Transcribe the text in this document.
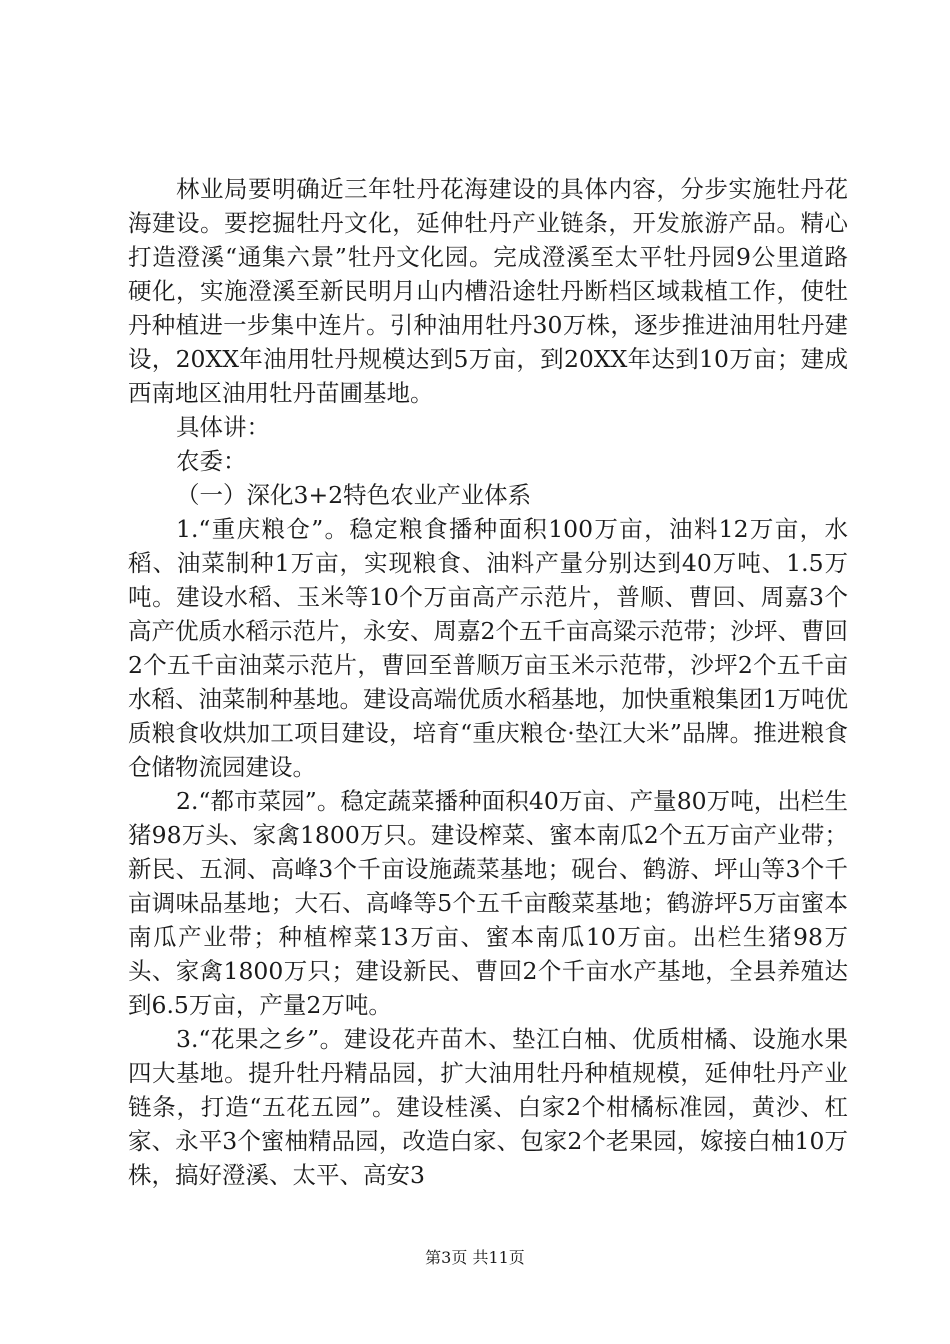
林业局要明确近三年牡丹花海建设的具体内容，分步实施牡丹花海建设。要挖掘牡丹文化，延伸牡丹产业链条，开发旅游产品。精心打造澄溪“通集六景”牡丹文化园。完成澄溪至太平牡丹园9公里道路硬化，实施澄溪至新民明月山内槽沿途牡丹断档区域栽植工作，使牡丹种植进一步集中连片。引种油用牡丹30万株，逐步推进油用牡丹建设，20XX年油用牡丹规模达到5万亩，到20XX年达到10万亩；建成西南地区油用牡丹苗圃基地。

具体讲：

农委：

（一）深化3+2特色农业产业体系

1.“重庆粮仓”。稳定粮食播种面积100万亩，油料12万亩，水稻、油菜制种1万亩，实现粮食、油料产量分别达到40万吨、1.5万吨。建设水稻、玉米等10个万亩高产示范片，普顺、曹回、周嘉3个高产优质水稻示范片，永安、周嘉2个五千亩高粱示范带；沙坪、曹回2个五千亩油菜示范片，曹回至普顺万亩玉米示范带，沙坪2个五千亩水稻、油菜制种基地。建设高端优质水稻基地，加快重粮集团1万吨优质粮食收烘加工项目建设，培育“重庆粮仓·垫江大米”品牌。推进粮食仓储物流园建设。

2.“都市菜园”。稳定蔬菜播种面积40万亩、产量80万吨，出栏生猪98万头、家禽1800万只。建设榨菜、蜜本南瓜2个五万亩产业带；新民、五洞、高峰3个千亩设施蔬菜基地；砚台、鹤游、坪山等3个千亩调味品基地；大石、高峰等5个五千亩酸菜基地；鹤游坪5万亩蜜本南瓜产业带；种植榨菜13万亩、蜜本南瓜10万亩。出栏生猪98万头、家禽1800万只；建设新民、曹回2个千亩水产基地，全县养殖达到6.5万亩，产量2万吨。

3.“花果之乡”。建设花卉苗木、垫江白柚、优质柑橘、设施水果四大基地。提升牡丹精品园，扩大油用牡丹种植规模，延伸牡丹产业链条，打造“五花五园”。建设桂溪、白家2个柑橘标准园，黄沙、杠家、永平3个蜜柚精品园，改造白家、包家2个老果园，嫁接白柚10万株，搞好澄溪、太平、高安3

第3页 共11页
